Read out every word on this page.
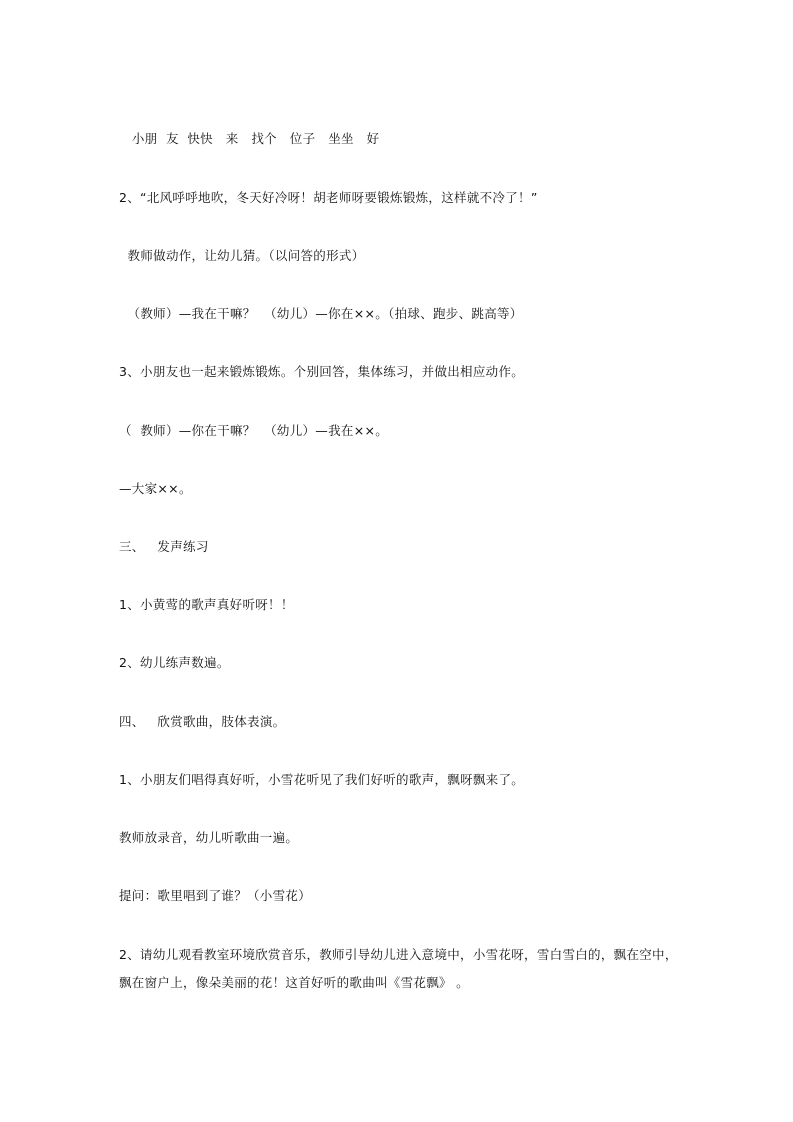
小朋  友  快快   来   找个   位子   坐坐   好
2、“北风呼呼地吹，冬天好冷呀！胡老师呀要锻炼锻炼，这样就不冷了！”
教师做动作，让幼儿猜。（以问答的形式）
（教师）—我在干嘛？  （幼儿）—你在××。（拍球、跑步、跳高等）
3、小朋友也一起来锻炼锻炼。个别回答，集体练习，并做出相应动作。
（  教师）—你在干嘛？  （幼儿）—我在××。
—大家××。
三、   发声练习
1、小黄莺的歌声真好听呀！！
2、幼儿练声数遍。
四、   欣赏歌曲，肢体表演。
1、小朋友们唱得真好听，小雪花听见了我们好听的歌声，飘呀飘来了。
教师放录音，幼儿听歌曲一遍。
提问：歌里唱到了谁？（小雪花）
2、请幼儿观看教室环境欣赏音乐，教师引导幼儿进入意境中，小雪花呀，雪白雪白的，飘在空中，飘在窗户上，像朵美丽的花！这首好听的歌曲叫《雪花飘》 。
